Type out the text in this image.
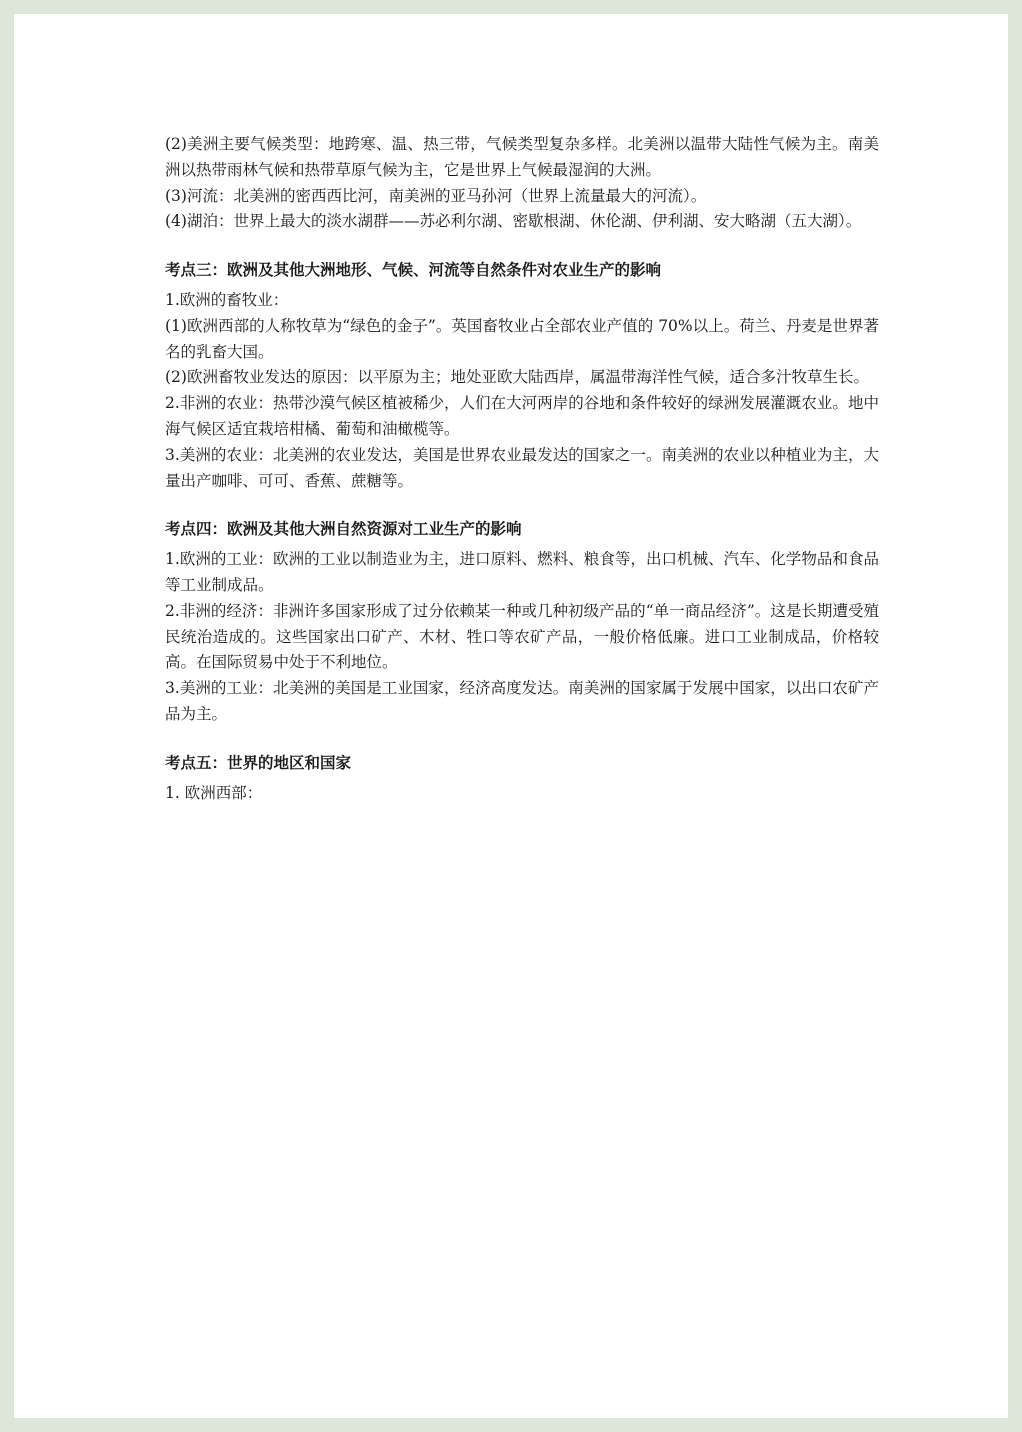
(2)美洲主要气候类型：地跨寒、温、热三带，气候类型复杂多样。北美洲以温带大陆性气候为主。南美洲以热带雨林气候和热带草原气候为主，它是世界上气候最湿润的大洲。

(3)河流：北美洲的密西西比河，南美洲的亚马孙河（世界上流量最大的河流）。

(4)湖泊：世界上最大的淡水湖群——苏必利尔湖、密歇根湖、休伦湖、伊利湖、安大略湖（五大湖）。

考点三：欧洲及其他大洲地形、气候、河流等自然条件对农业生产的影响

1.欧洲的畜牧业：

(1)欧洲西部的人称牧草为“绿色的金子”。英国畜牧业占全部农业产值的 70%以上。荷兰、丹麦是世界著名的乳畜大国。

(2)欧洲畜牧业发达的原因：以平原为主；地处亚欧大陆西岸，属温带海洋性气候，适合多汁牧草生长。

2.非洲的农业：热带沙漠气候区植被稀少，人们在大河两岸的谷地和条件较好的绿洲发展灌溉农业。地中海气候区适宜栽培柑橘、葡萄和油橄榄等。

3.美洲的农业：北美洲的农业发达，美国是世界农业最发达的国家之一。南美洲的农业以种植业为主，大量出产咖啡、可可、香蕉、蔗糖等。

考点四：欧洲及其他大洲自然资源对工业生产的影响

1.欧洲的工业：欧洲的工业以制造业为主，进口原料、燃料、粮食等，出口机械、汽车、化学物品和食品等工业制成品。

2.非洲的经济：非洲许多国家形成了过分依赖某一种或几种初级产品的“单一商品经济”。这是长期遭受殖民统治造成的。这些国家出口矿产、木材、牲口等农矿产品，一般价格低廉。进口工业制成品，价格较高。在国际贸易中处于不利地位。

3.美洲的工业：北美洲的美国是工业国家，经济高度发达。南美洲的国家属于发展中国家，以出口农矿产品为主。

考点五：世界的地区和国家

1. 欧洲西部：
